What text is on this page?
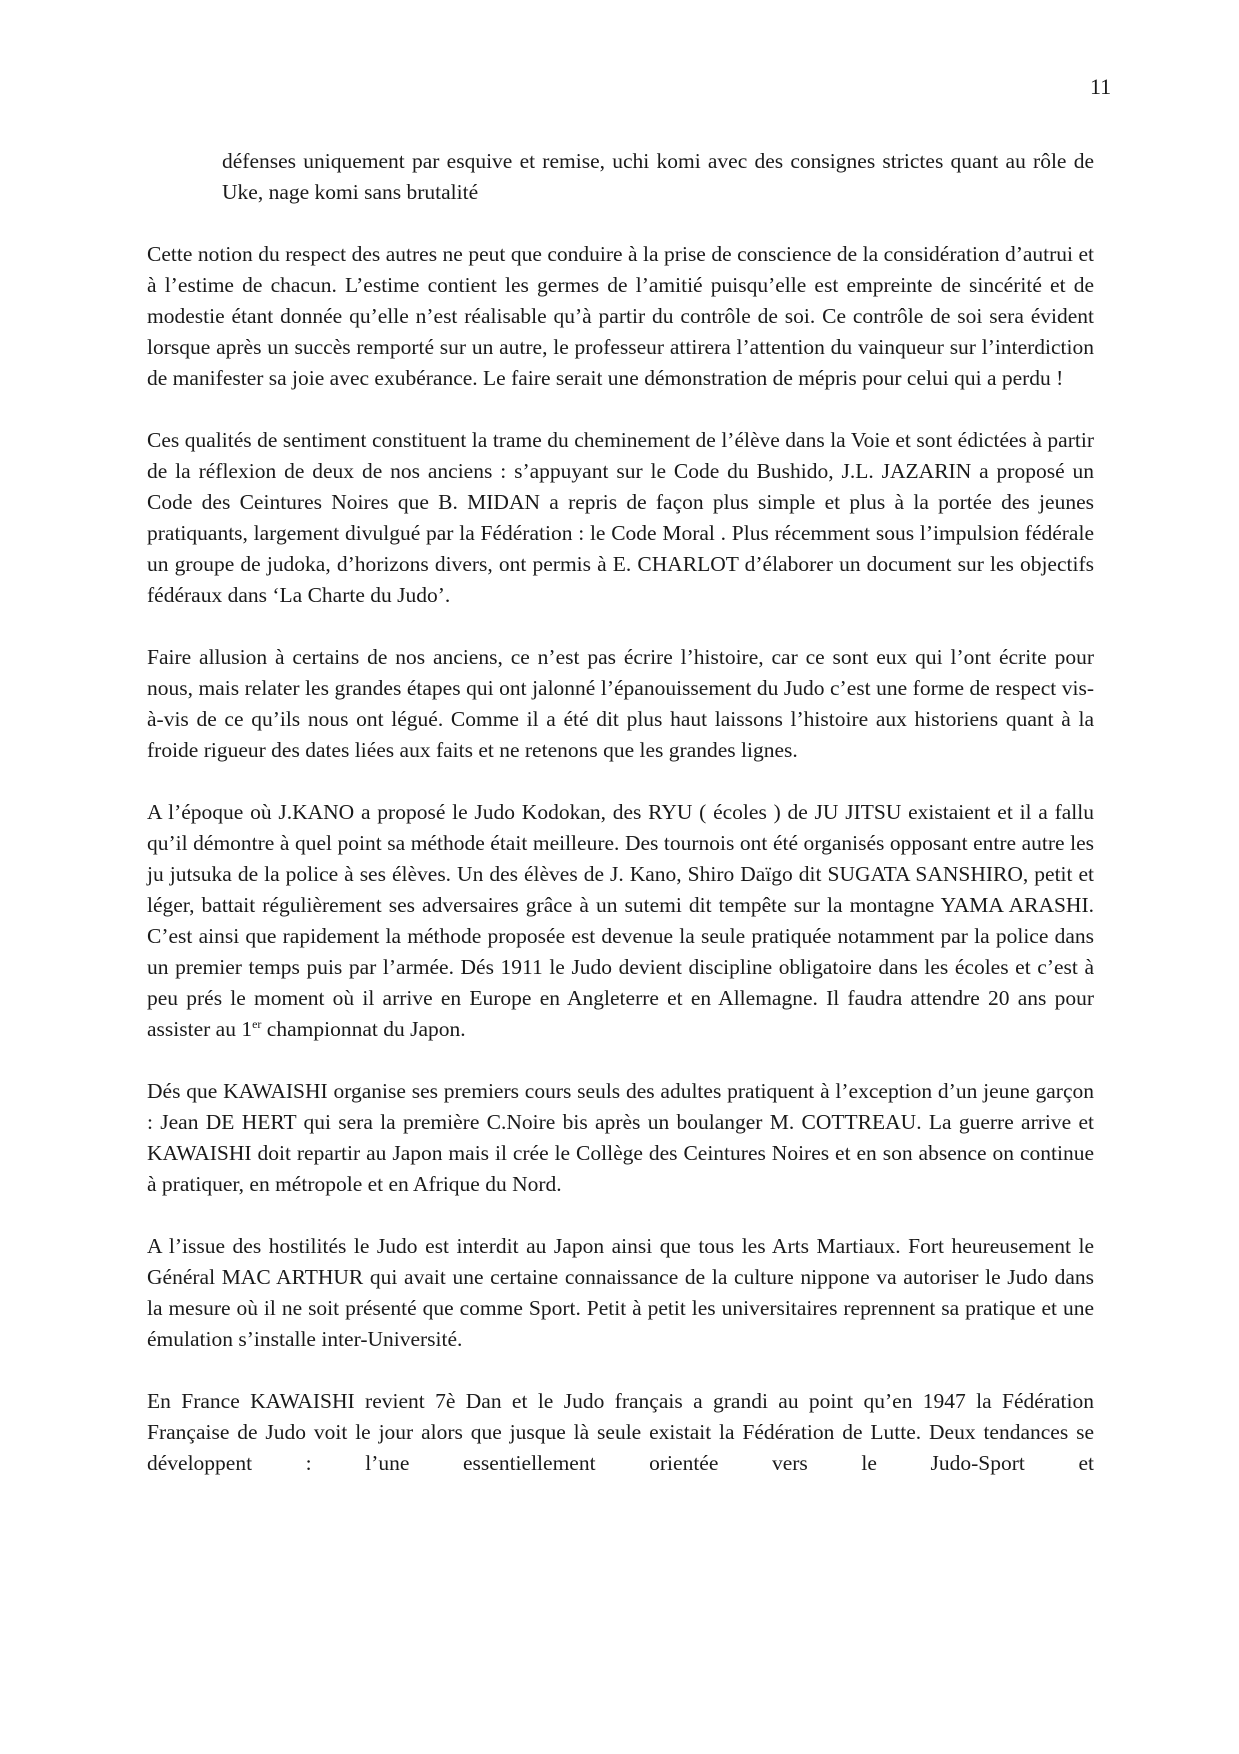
11

défenses uniquement par esquive et remise, uchi komi avec des consignes strictes quant au rôle de Uke, nage komi sans brutalité

Cette notion du respect des autres ne peut que conduire à la prise de conscience de la considération d’autrui et à l’estime de chacun. L’estime contient les germes de l’amitié puisqu’elle est empreinte de sincérité et de modestie étant donnée qu’elle n’est réalisable qu’à partir du contrôle de soi. Ce contrôle de soi sera évident lorsque après un succès remporté sur un autre, le professeur attirera l’attention du vainqueur sur l’interdiction de manifester sa joie avec exubérance. Le faire serait une démonstration de mépris pour celui qui a perdu !

Ces qualités de sentiment constituent la trame du cheminement de l’élève dans la Voie et sont édictées à partir de la réflexion de deux de nos anciens : s’appuyant sur le Code du Bushido, J.L. JAZARIN a proposé un Code des Ceintures Noires que B. MIDAN a repris de façon plus simple et plus à la portée des jeunes pratiquants, largement divulgué par la Fédération : le Code Moral . Plus récemment sous l’impulsion fédérale un groupe de judoka, d’horizons divers, ont permis à E. CHARLOT d’élaborer un document sur les objectifs fédéraux dans ‘La Charte du Judo’.

Faire allusion à certains de nos anciens, ce n’est pas écrire l’histoire, car ce sont eux qui l’ont écrite pour nous, mais relater les grandes étapes qui ont jalonné l’épanouissement du Judo c’est une forme de respect vis-à-vis de ce qu’ils nous ont légué. Comme il a été dit plus haut laissons l’histoire aux historiens quant à la froide rigueur des dates liées aux faits et ne retenons que les grandes lignes.

A l’époque où J.KANO a proposé le Judo Kodokan, des RYU ( écoles ) de JU JITSU existaient et il a fallu qu’il démontre à quel point sa méthode était meilleure. Des tournois ont été organisés opposant entre autre les ju jutsuka de la police à ses élèves. Un des élèves de J. Kano, Shiro Daïgo dit SUGATA SANSHIRO, petit et léger, battait régulièrement ses adversaires grâce à un sutemi dit tempête sur la montagne YAMA ARASHI. C’est ainsi que rapidement la méthode proposée est devenue la seule pratiquée notamment par la police dans un premier temps puis par l’armée. Dés 1911 le Judo devient discipline obligatoire dans les écoles et c’est à peu prés le moment où il arrive en Europe en Angleterre et en Allemagne. Il faudra attendre 20 ans pour assister au 1er championnat du Japon.

Dés que KAWAISHI organise ses premiers cours seuls des adultes pratiquent à l’exception d’un jeune garçon : Jean DE HERT qui sera la première C.Noire bis après un boulanger M. COTTREAU. La guerre arrive et KAWAISHI doit repartir au Japon mais il crée le Collège des Ceintures Noires et en son absence on continue à pratiquer, en métropole et en Afrique du Nord.

A l’issue des hostilités le Judo est interdit au Japon ainsi que tous les Arts Martiaux. Fort heureusement le Général MAC ARTHUR qui avait une certaine connaissance de la culture nippone va autoriser le Judo dans la mesure où il ne soit présenté que comme Sport. Petit à petit les universitaires reprennent sa pratique et une émulation s’installe inter-Université.

En France KAWAISHI revient 7è Dan et le Judo français a grandi au point qu’en 1947 la Fédération Française de Judo voit le jour alors que jusque là seule existait la Fédération de Lutte. Deux tendances se développent : l’une essentiellement orientée vers le Judo-Sport et
